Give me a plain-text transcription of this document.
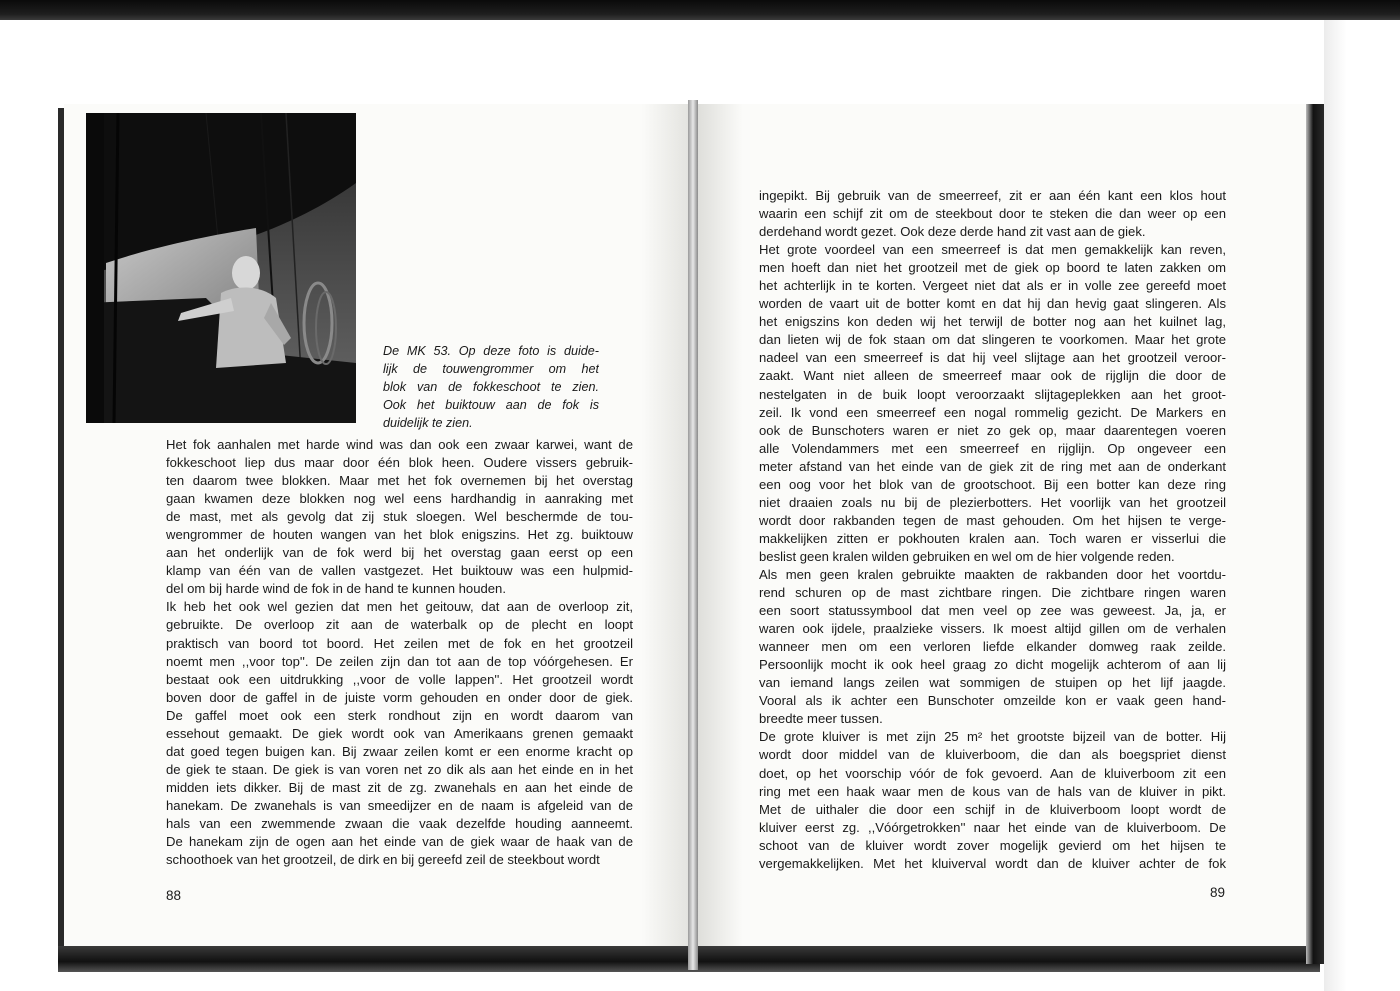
De MK 53. Op deze foto is duide-
lijk de touwengrommer om het
blok van de fokkeschoot te zien.
Ook het buiktouw aan de fok is
duidelijk te zien.
Het fok aanhalen met harde wind was dan ook een zwaar karwei, want de
fokkeschoot liep dus maar door één blok heen. Oudere vissers gebruik-
ten daarom twee blokken. Maar met het fok overnemen bij het overstag
gaan kwamen deze blokken nog wel eens hardhandig in aanraking met
de mast, met als gevolg dat zij stuk sloegen. Wel beschermde de tou-
wengrommer de houten wangen van het blok enigszins. Het zg. buiktouw
aan het onderlijk van de fok werd bij het overstag gaan eerst op een
klamp van één van de vallen vastgezet. Het buiktouw was een hulpmid-
del om bij harde wind de fok in de hand te kunnen houden.
Ik heb het ook wel gezien dat men het geitouw, dat aan de overloop zit,
gebruikte. De overloop zit aan de waterbalk op de plecht en loopt
praktisch van boord tot boord. Het zeilen met de fok en het grootzeil
noemt men ,,voor top''. De zeilen zijn dan tot aan de top vóórgehesen. Er
bestaat ook een uitdrukking ,,voor de volle lappen''. Het grootzeil wordt
boven door de gaffel in de juiste vorm gehouden en onder door de giek.
De gaffel moet ook een sterk rondhout zijn en wordt daarom van
essehout gemaakt. De giek wordt ook van Amerikaans grenen gemaakt
dat goed tegen buigen kan. Bij zwaar zeilen komt er een enorme kracht op
de giek te staan. De giek is van voren net zo dik als aan het einde en in het
midden iets dikker. Bij de mast zit de zg. zwanehals en aan het einde de
hanekam. De zwanehals is van smeedijzer en de naam is afgeleid van de
hals van een zwemmende zwaan die vaak dezelfde houding aanneemt.
De hanekam zijn de ogen aan het einde van de giek waar de haak van de
schoothoek van het grootzeil, de dirk en bij gereefd zeil de steekbout wordt
ingepikt. Bij gebruik van de smeerreef, zit er aan één kant een klos hout
waarin een schijf zit om de steekbout door te steken die dan weer op een
derdehand wordt gezet. Ook deze derde hand zit vast aan de giek.
Het grote voordeel van een smeerreef is dat men gemakkelijk kan reven,
men hoeft dan niet het grootzeil met de giek op boord te laten zakken om
het achterlijk in te korten. Vergeet niet dat als er in volle zee gereefd moet
worden de vaart uit de botter komt en dat hij dan hevig gaat slingeren. Als
het enigszins kon deden wij het terwijl de botter nog aan het kuilnet lag,
dan lieten wij de fok staan om dat slingeren te voorkomen. Maar het grote
nadeel van een smeerreef is dat hij veel slijtage aan het grootzeil veroor-
zaakt. Want niet alleen de smeerreef maar ook de rijglijn die door de
nestelgaten in de buik loopt veroorzaakt slijtageplekken aan het groot-
zeil. Ik vond een smeerreef een nogal rommelig gezicht. De Markers en
ook de Bunschoters waren er niet zo gek op, maar daarentegen voeren
alle Volendammers met een smeerreef en rijglijn. Op ongeveer een
meter afstand van het einde van de giek zit de ring met aan de onderkant
een oog voor het blok van de grootschoot. Bij een botter kan deze ring
niet draaien zoals nu bij de plezierbotters. Het voorlijk van het grootzeil
wordt door rakbanden tegen de mast gehouden. Om het hijsen te verge-
makkelijken zitten er pokhouten kralen aan. Toch waren er visserlui die
beslist geen kralen wilden gebruiken en wel om de hier volgende reden.
Als men geen kralen gebruikte maakten de rakbanden door het voortdu-
rend schuren op de mast zichtbare ringen. Die zichtbare ringen waren
een soort statussymbool dat men veel op zee was geweest. Ja, ja, er
waren ook ijdele, praalzieke vissers. Ik moest altijd gillen om de verhalen
wanneer men om een verloren liefde elkander domweg raak zeilde.
Persoonlijk mocht ik ook heel graag zo dicht mogelijk achterom of aan lij
van iemand langs zeilen wat sommigen de stuipen op het lijf jaagde.
Vooral als ik achter een Bunschoter omzeilde kon er vaak geen hand-
breedte meer tussen.
De grote kluiver is met zijn 25 m² het grootste bijzeil van de botter. Hij
wordt door middel van de kluiverboom, die dan als boegspriet dienst
doet, op het voorschip vóór de fok gevoerd. Aan de kluiverboom zit een
ring met een haak waar men de kous van de hals van de kluiver in pikt.
Met de uithaler die door een schijf in de kluiverboom loopt wordt de
kluiver eerst zg. ,,Vóórgetrokken'' naar het einde van de kluiverboom. De
schoot van de kluiver wordt zover mogelijk gevierd om het hijsen te
vergemakkelijken. Met het kluiverval wordt dan de kluiver achter de fok
88	89
